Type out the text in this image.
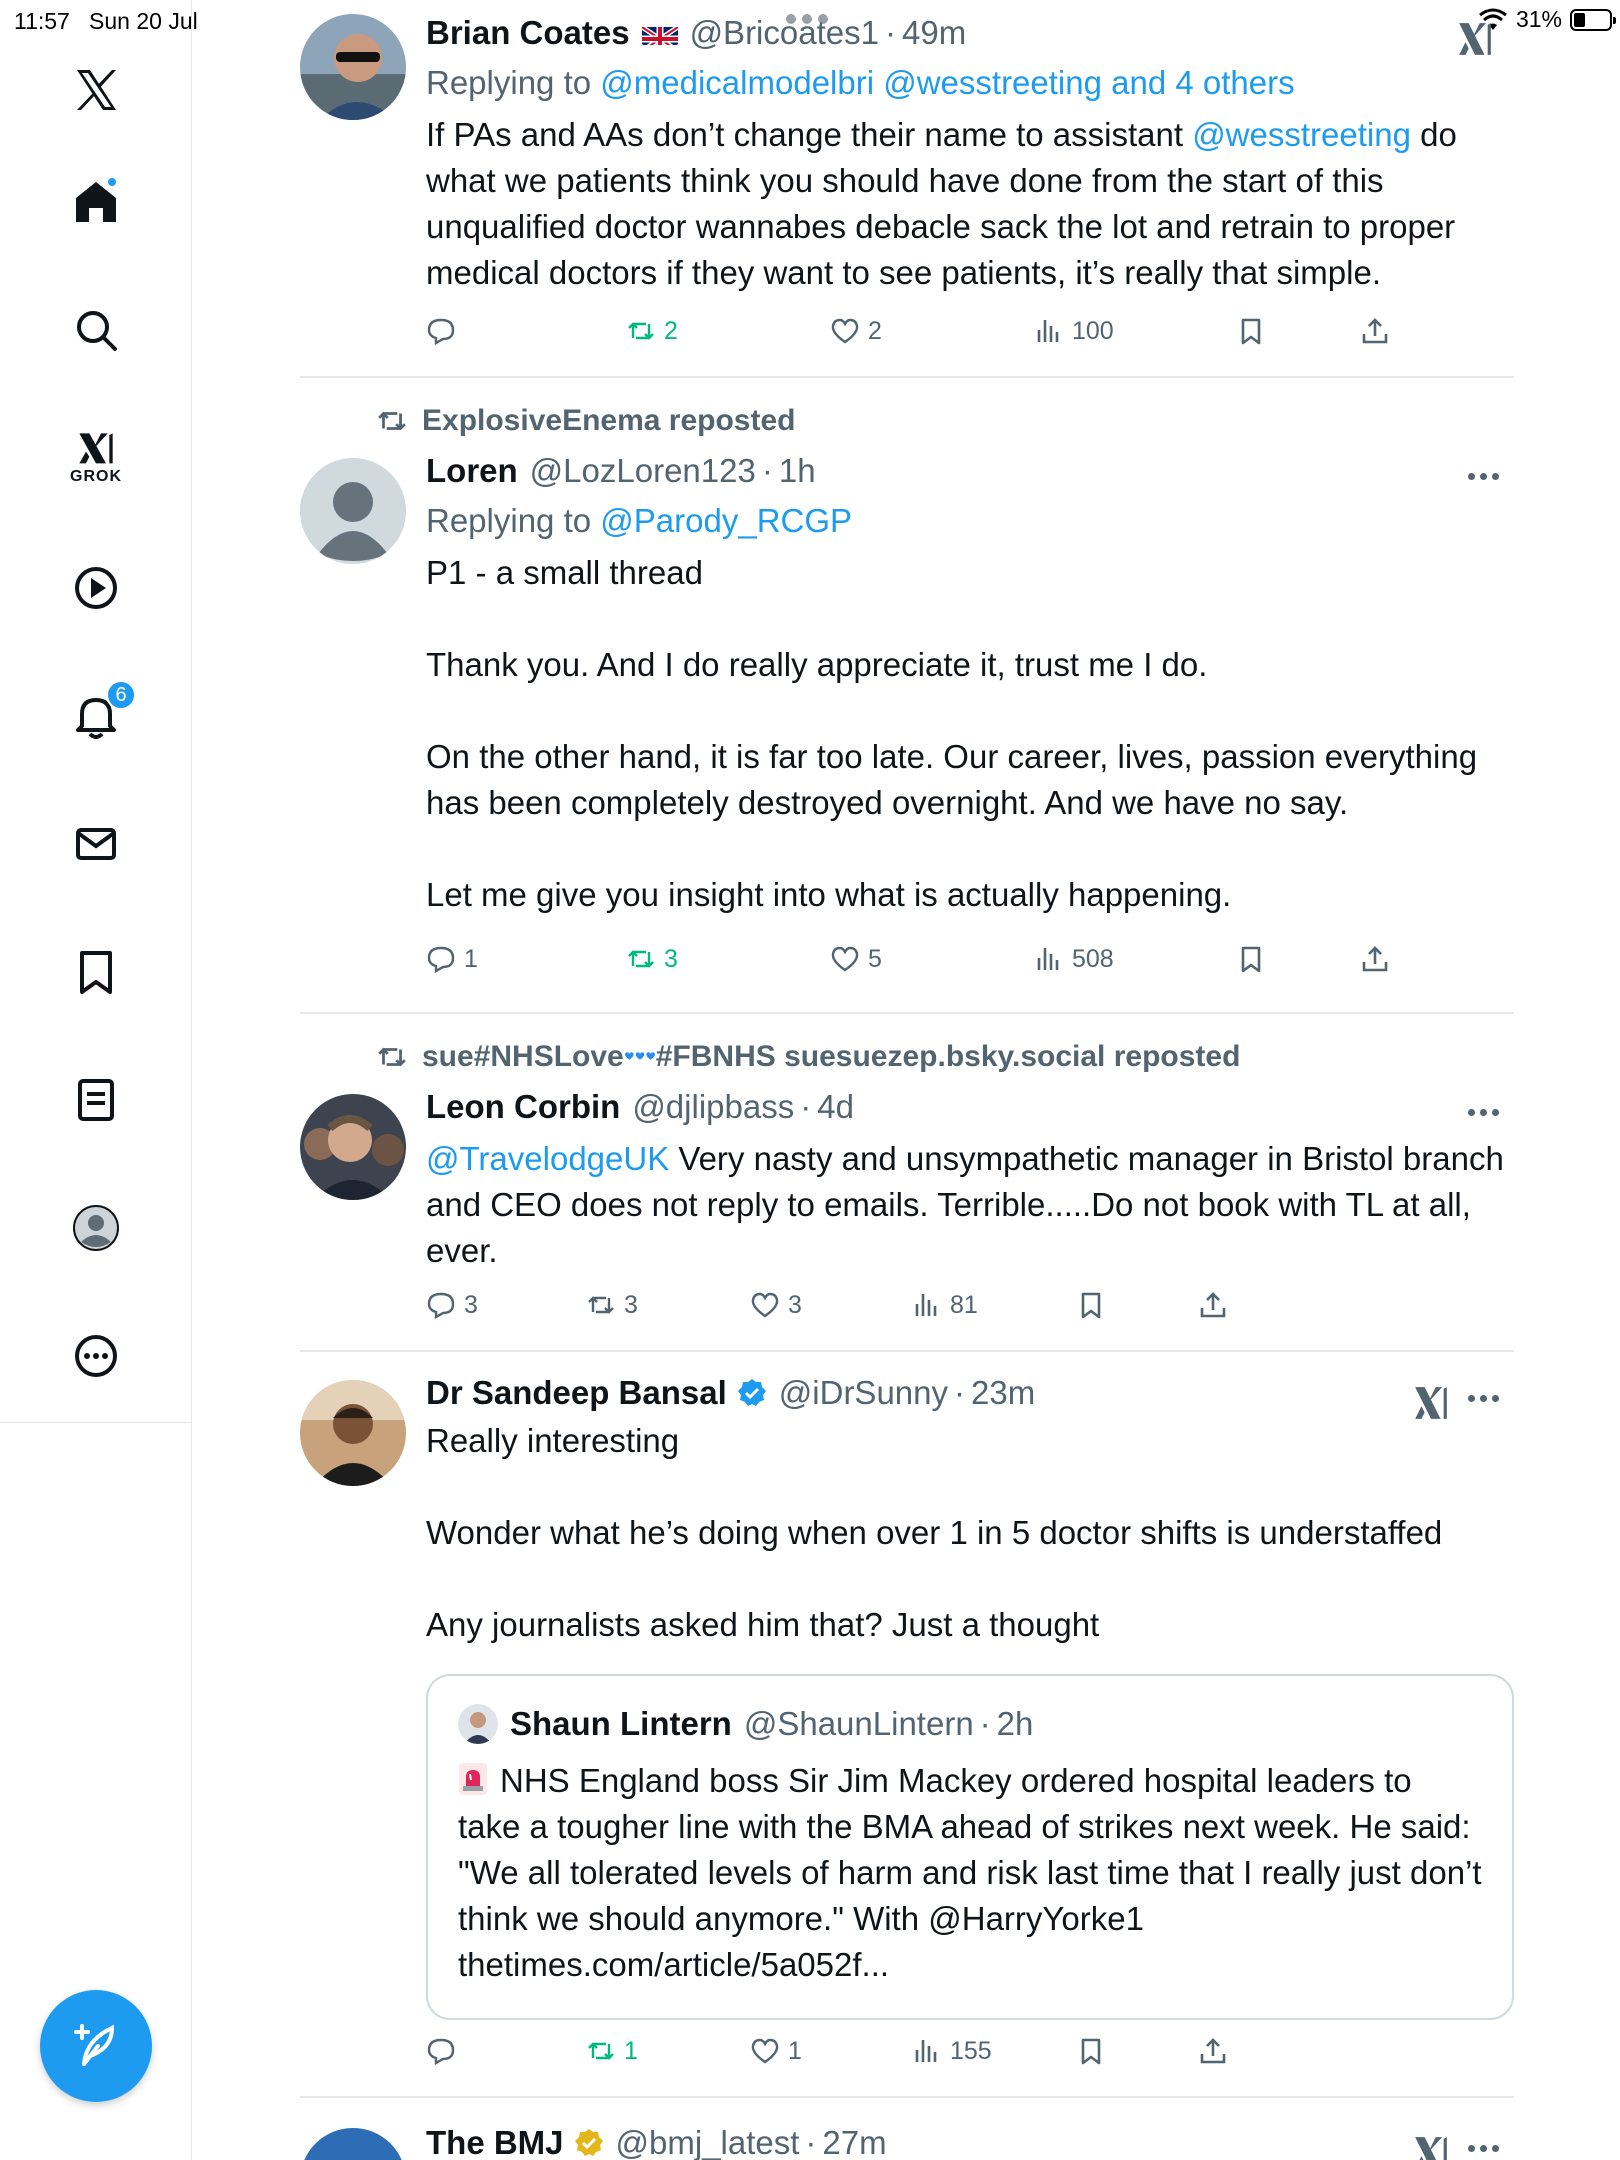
11:57 Sun 20 Jul	31%
GROK
6
Brian Coates @Bricoates1 · 49m
Replying to @medicalmodelbri @wesstreeting and 4 others
If PAs and AAs don’t change their name to assistant @wesstreeting do what we patients think you should have done from the start of this unqualified doctor wannabes debacle sack the lot and retrain to proper medical doctors if they want to see patients, it’s really that simple.
2	2	100
ExplosiveEnema reposted
Loren @LozLoren123 · 1h
Replying to @Parody_RCGP

P1 - a small thread

Thank you. And I do really appreciate it, trust me I do.

On the other hand, it is far too late. Our career, lives, passion everything has been completely destroyed overnight. And we have no say.

Let me give you insight into what is actually happening.

1	3	5	508
sue#NHSLove #FBNHS suesuezep.bsky.social reposted
Leon Corbin @djlipbass · 4d
@TravelodgeUK Very nasty and unsympathetic manager in Bristol branch and CEO does not reply to emails. Terrible.....Do not book with TL at all, ever.
3	3	3	81
Dr Sandeep Bansal @iDrSunny · 23m

Really interesting

Wonder what he’s doing when over 1 in 5 doctor shifts is understaffed

Any journalists asked him that? Just a thought

Shaun Lintern @ShaunLintern · 2h
NHS England boss Sir Jim Mackey ordered hospital leaders to take a tougher line with the BMA ahead of strikes next week. He said: "We all tolerated levels of harm and risk last time that I really just don’t think we should anymore." With @HarryYorke1 thetimes.com/article/5a052f...
1	1	155
The BMJ @bmj_latest · 27m
